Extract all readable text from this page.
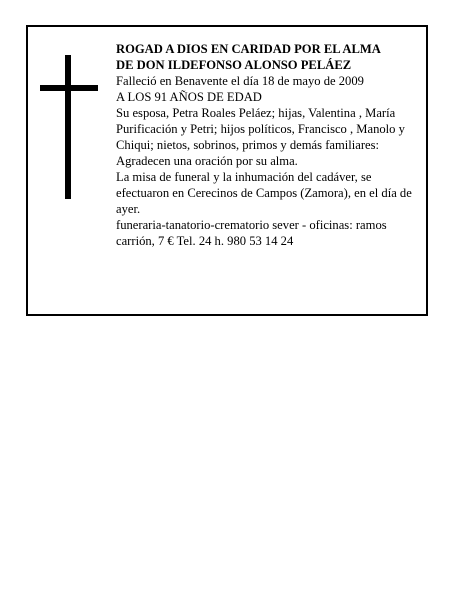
ROGAD A DIOS EN CARIDAD POR EL ALMA

DE DON ILDEFONSO ALONSO PELÁEZ

Falleció en Benavente el día 18 de mayo de 2009

A LOS 91 AÑOS DE EDAD

Su esposa, Petra Roales Peláez; hijas, Valentina , María Purificación y Petri; hijos políticos, Francisco , Manolo y Chiqui; nietos, sobrinos, primos y demás familiares:

Agradecen una oración por su alma.

La misa de funeral y la inhumación del cadáver, se efectuaron en Cerecinos de Campos (Zamora), en el día de ayer.

funeraria-tanatorio-crematorio sever - oficinas: ramos carrión, 7 € Tel. 24 h. 980 53 14 24
